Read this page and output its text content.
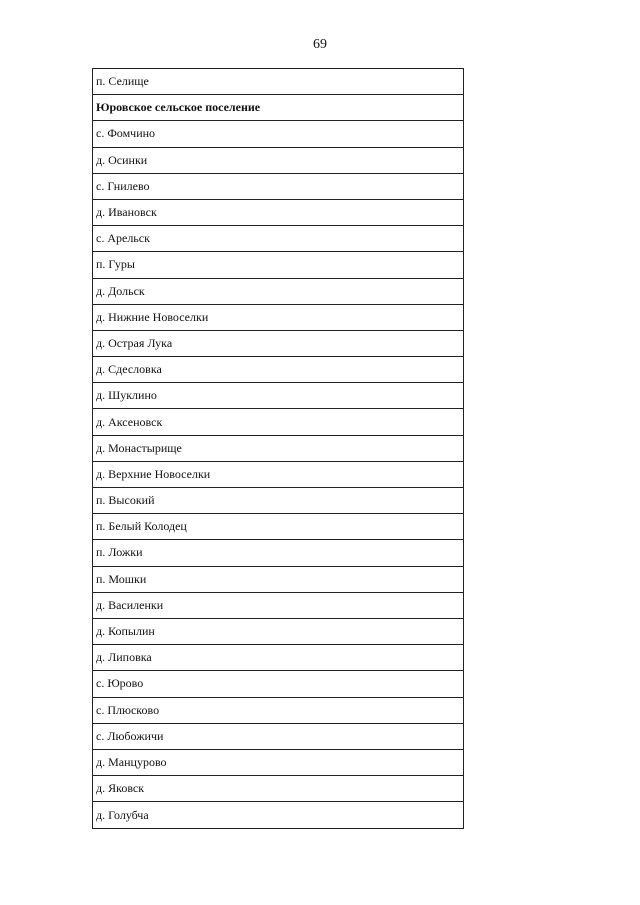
69
п. Селище
Юровское сельское поселение
с. Фомчино
д. Осинки
с. Гнилево
д. Ивановск
с. Арельск
п. Гуры
д. Дольск
д. Нижние Новоселки
д. Острая Лука
д. Сдесловка
д. Шуклино
д. Аксеновск
д. Монастырище
д. Верхние Новоселки
п. Высокий
п. Белый Колодец
п. Ложки
п. Мошки
д. Василенки
д. Копылин
д. Липовка
с. Юрово
с. Плюсково
с. Любожичи
д. Манцурово
д. Яковск
д. Голубча
